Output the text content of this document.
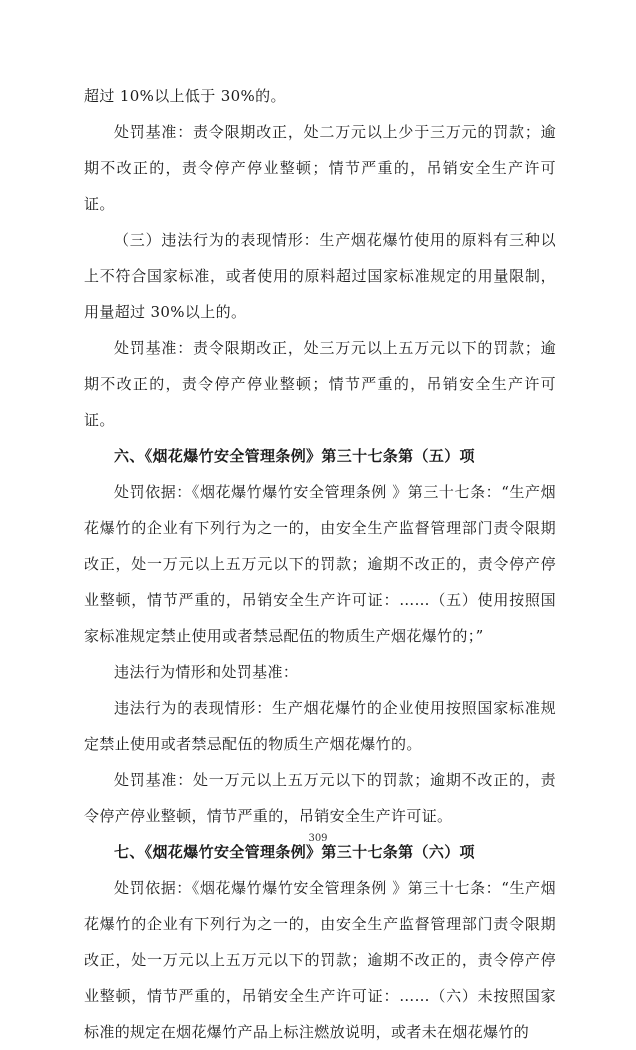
超过 10%以上低于 30%的。

处罚基准：责令限期改正，处二万元以上少于三万元的罚款；逾期不改正的，责令停产停业整顿；情节严重的，吊销安全生产许可证。

（三）违法行为的表现情形：生产烟花爆竹使用的原料有三种以上不符合国家标准，或者使用的原料超过国家标准规定的用量限制，用量超过 30%以上的。

处罚基准：责令限期改正，处三万元以上五万元以下的罚款；逾期不改正的，责令停产停业整顿；情节严重的，吊销安全生产许可证。

六、《烟花爆竹安全管理条例》第三十七条第（五）项

处罚依据：《烟花爆竹爆竹安全管理条例 》第三十七条：“生产烟花爆竹的企业有下列行为之一的，由安全生产监督管理部门责令限期改正，处一万元以上五万元以下的罚款；逾期不改正的，责令停产停业整顿，情节严重的，吊销安全生产许可证：……（五）使用按照国家标准规定禁止使用或者禁忌配伍的物质生产烟花爆竹的；”

违法行为情形和处罚基准：

违法行为的表现情形：生产烟花爆竹的企业使用按照国家标准规定禁止使用或者禁忌配伍的物质生产烟花爆竹的。

处罚基准：处一万元以上五万元以下的罚款；逾期不改正的，责令停产停业整顿，情节严重的，吊销安全生产许可证。

七、《烟花爆竹安全管理条例》第三十七条第（六）项

处罚依据：《烟花爆竹爆竹安全管理条例 》第三十七条：“生产烟花爆竹的企业有下列行为之一的，由安全生产监督管理部门责令限期改正，处一万元以上五万元以下的罚款；逾期不改正的，责令停产停业整顿，情节严重的，吊销安全生产许可证：……（六）未按照国家标准的规定在烟花爆竹产品上标注燃放说明，或者未在烟花爆竹的

309
